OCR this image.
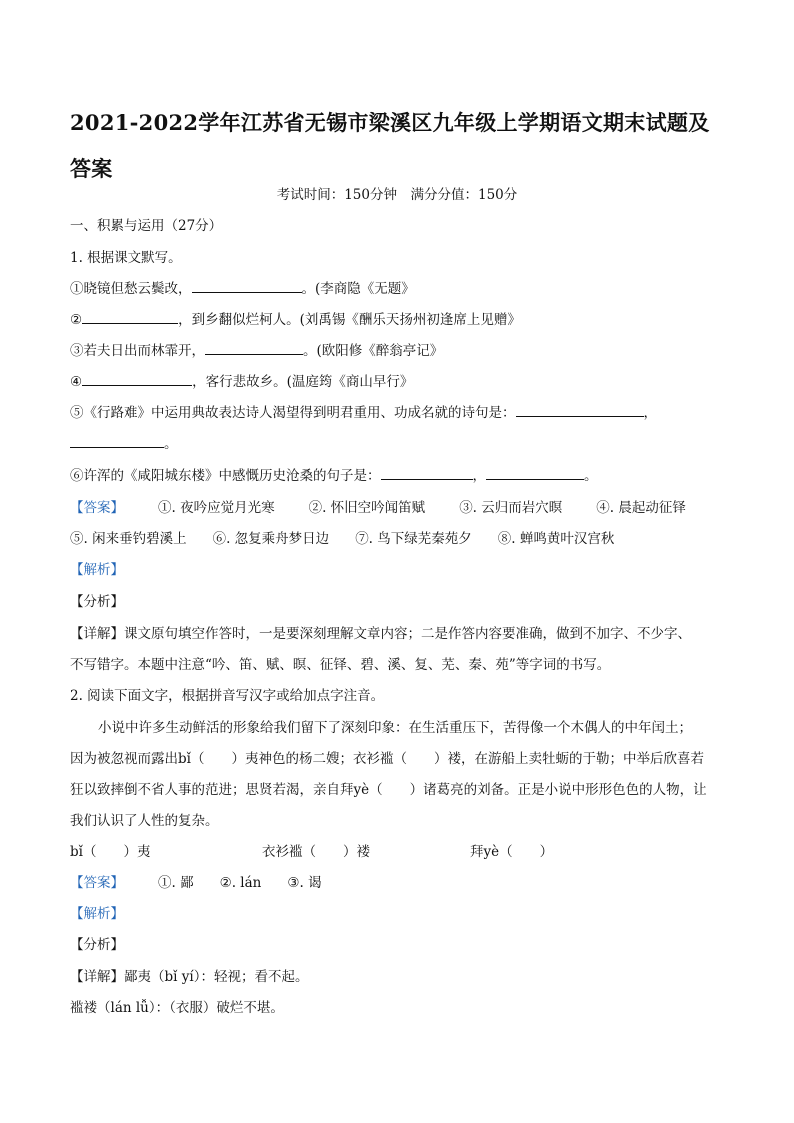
2021-2022学年江苏省无锡市梁溪区九年级上学期语文期末试题及答案
考试时间：150分钟　满分分值：150分
一、积累与运用（27分）
1. 根据课文默写。
①晓镜但愁云鬓改，	。(李商隐《无题》
②	，到乡翻似烂柯人。(刘禹锡《酬乐天扬州初逢席上见赠》
③若夫日出而林霏开，	。(欧阳修《醉翁亭记》
④	，客行悲故乡。(温庭筠《商山早行》
⑤《行路难》中运用典故表达诗人渴望得到明君重用、功成名就的诗句是：	，
。
⑥许浑的《咸阳城东楼》中感慨历史沧桑的句子是：	，	。
【答案】	①. 夜吟应觉月光寒	②. 怀旧空吟闻笛赋	③. 云归而岩穴暝	④. 晨起动征铎
⑤. 闲来垂钓碧溪上 ⑥. 忽复乘舟梦日边 ⑦. 鸟下绿芜秦苑夕 ⑧. 蝉鸣黄叶汉宫秋
【解析】
【分析】
【详解】课文原句填空作答时，一是要深刻理解文章内容；二是作答内容要准确，做到不加字、不少字、
不写错字。本题中注意“吟、笛、赋、暝、征铎、碧、溪、复、芜、秦、苑”等字词的书写。
2. 阅读下面文字，根据拼音写汉字或给加点字注音。
小说中许多生动鲜活的形象给我们留下了深刻印象：在生活重压下，苦得像一个木偶人的中年闰土；
因为被忽视而露出bǐ（　　）夷神色的杨二嫂；衣衫褴（　　）褛，在游船上卖牡蛎的于勒；中举后欣喜若
狂以致摔倒不省人事的范进；思贤若渴，亲自拜yè（　　）诸葛亮的刘备。正是小说中形形色色的人物，让
我们认识了人性的复杂。
bǐ（　　）夷	衣衫褴（　　）褛	拜yè（　　）
【答案】	①. 鄙 ②. lán ③. 谒
【解析】
【分析】
【详解】鄙夷（bǐ yí）：轻视；看不起。
褴褛（lán lǚ）：（衣服）破烂不堪。
